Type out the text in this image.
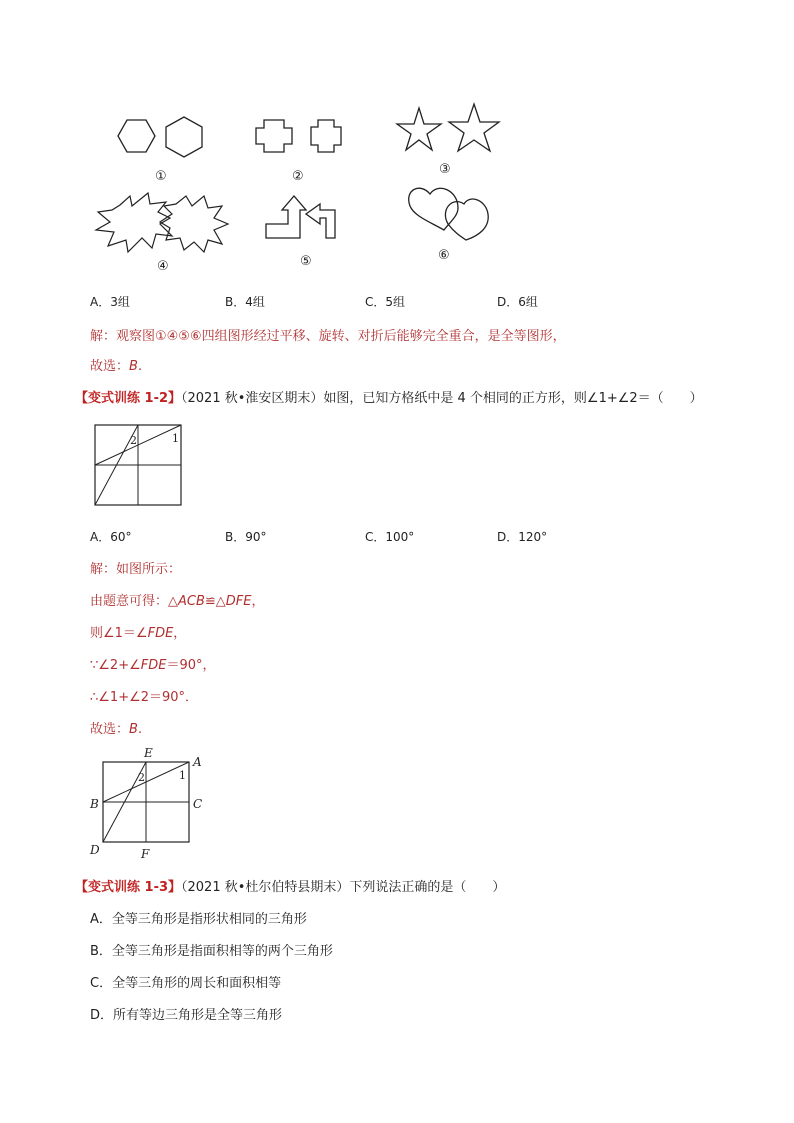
①	②	③
④	⑤	⑥
A．3组	B．4组	C．5组	D．6组
解：观察图①④⑤⑥四组图形经过平移、旋转、对折后能够完全重合，是全等图形，
故选：B.
【变式训练 1-2】（2021 秋•淮安区期末）如图，已知方格纸中是 4 个相同的正方形，则∠1+∠2＝（　　）
2	1
A．60°	B．90°	C．100°	D．120°
解：如图所示：
由题意可得：△ACB≌△DFE，
则∠1＝∠FDE，
∵∠2+∠FDE＝90°，
∴∠1+∠2＝90°．
故选：B.
E
A
B	C
D	F
2	1
【变式训练 1-3】（2021 秋•杜尔伯特县期末）下列说法正确的是（　　）
A．全等三角形是指形状相同的三角形
B．全等三角形是指面积相等的两个三角形
C．全等三角形的周长和面积相等
D．所有等边三角形是全等三角形
